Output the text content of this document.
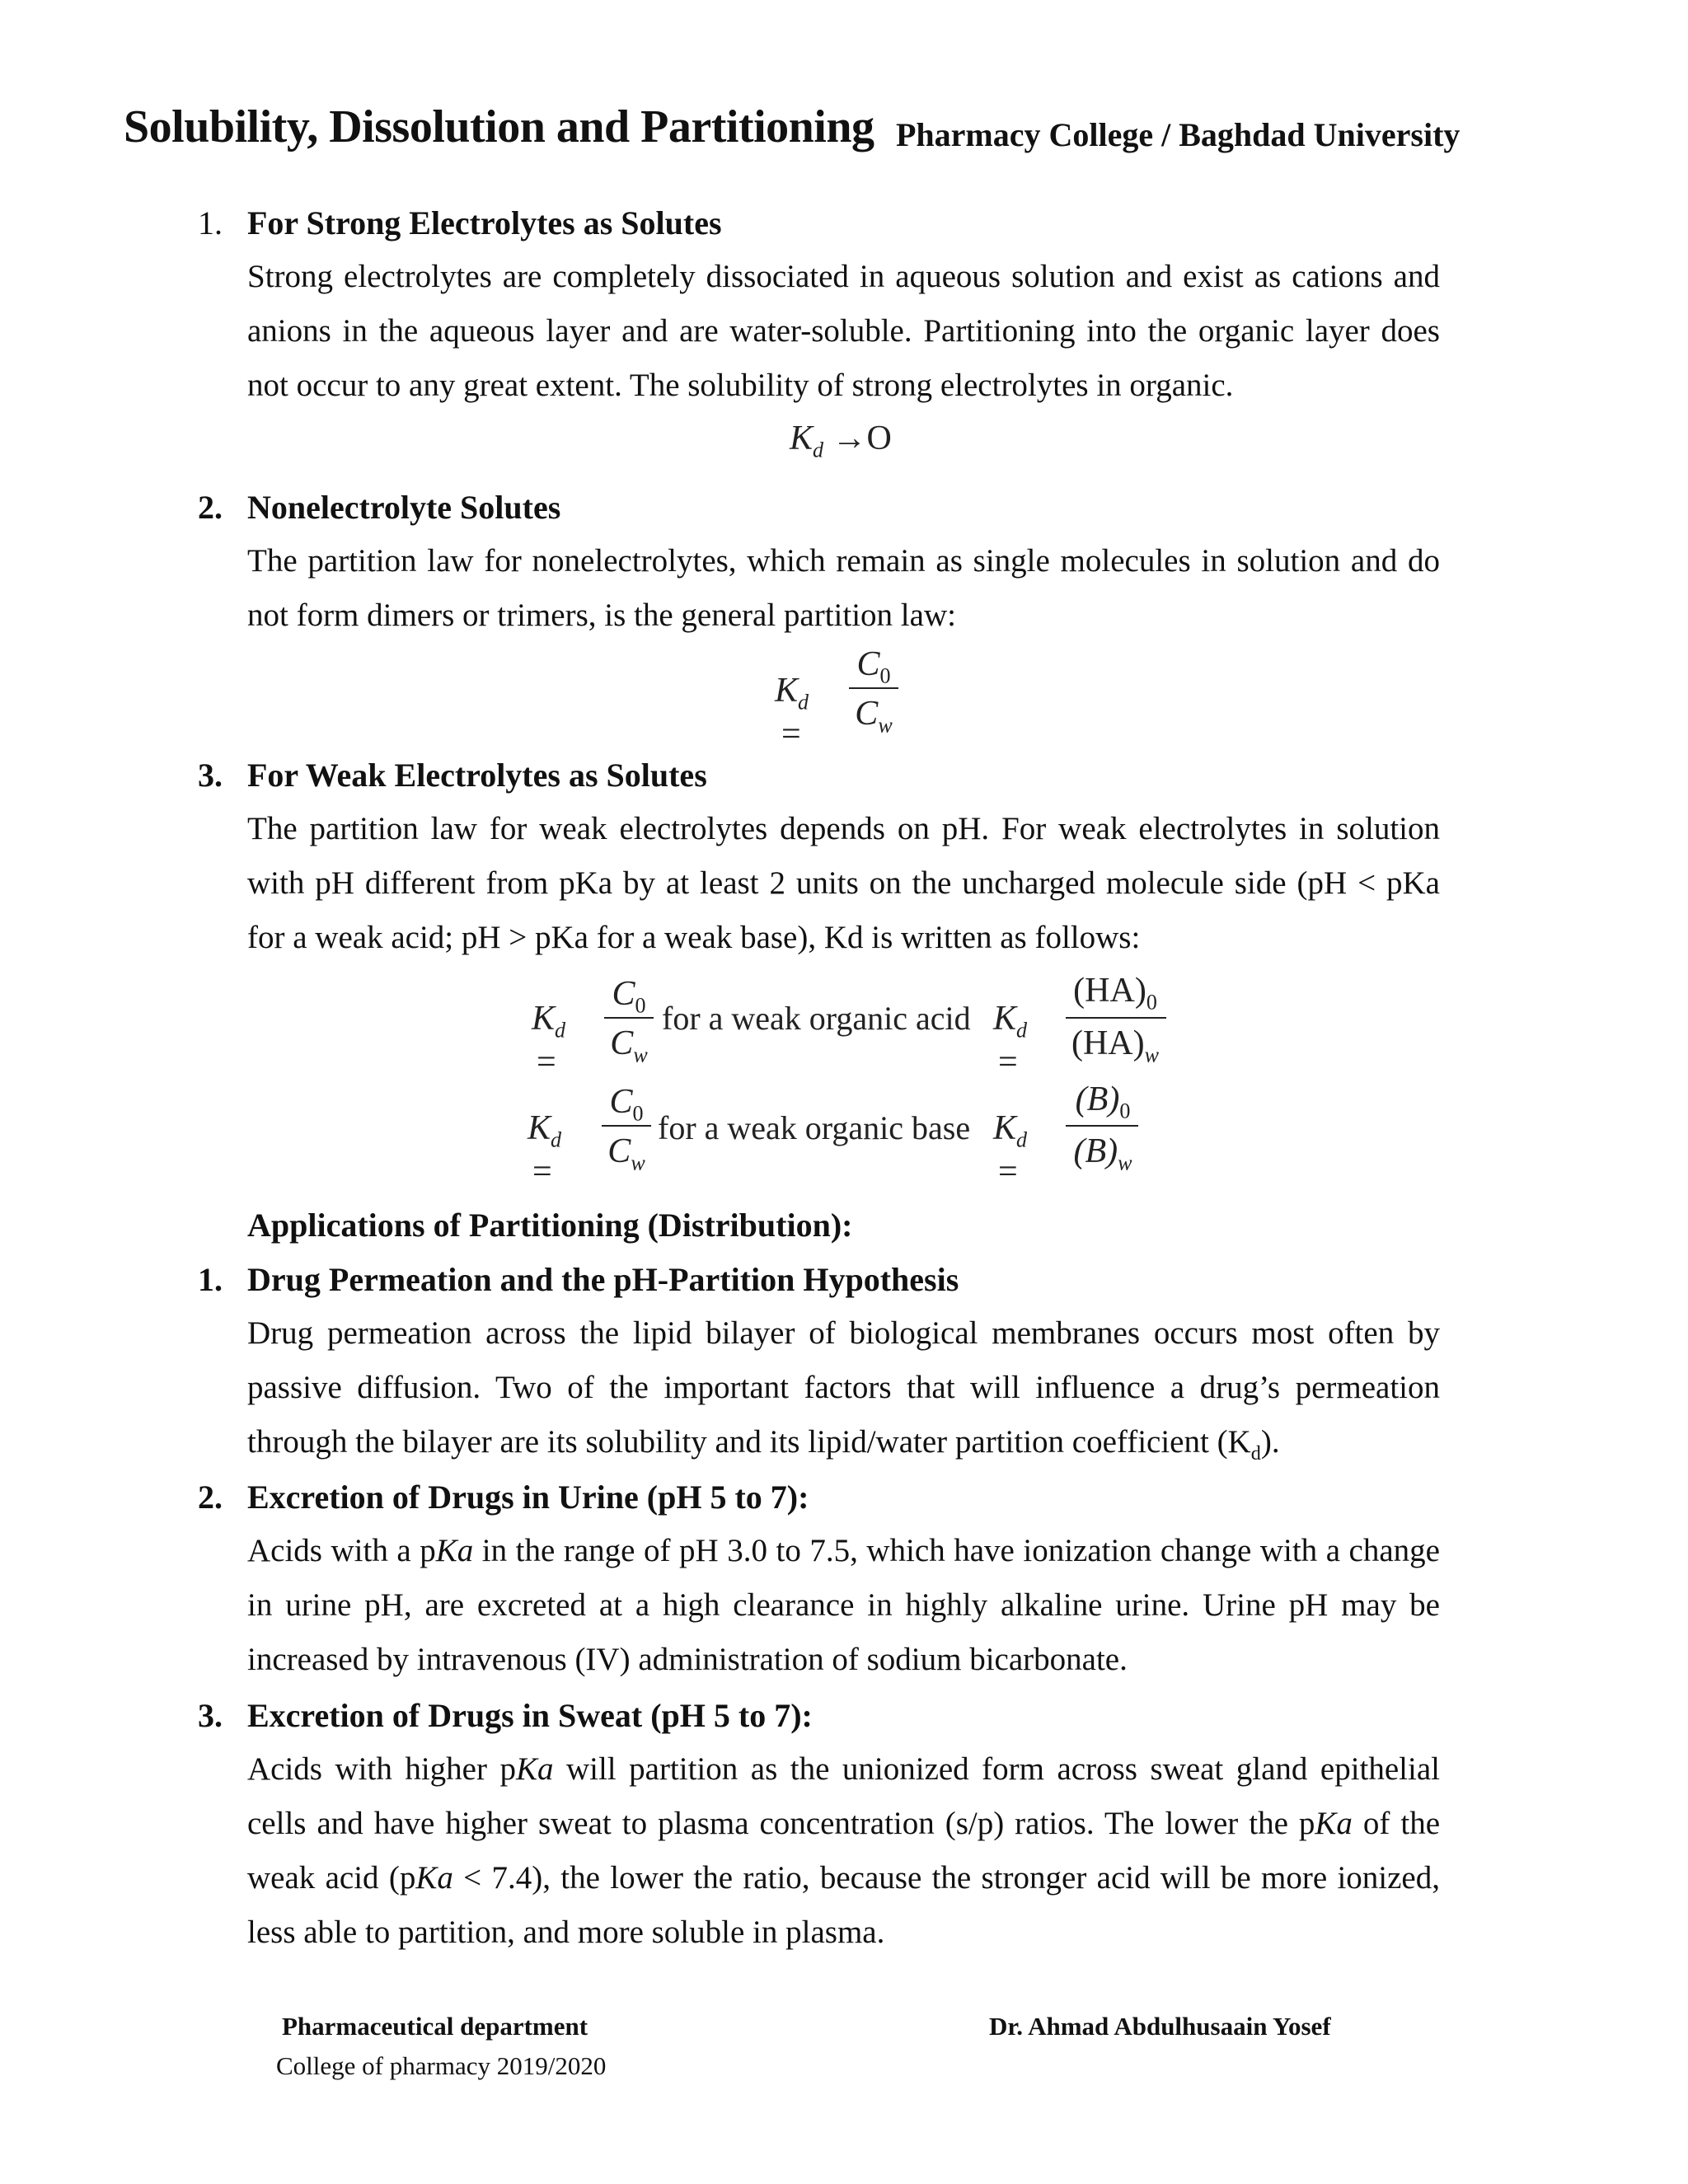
Solubility, Dissolution and Partitioning Pharmacy College / Baghdad University
1. For Strong Electrolytes as Solutes
Strong electrolytes are completely dissociated in aqueous solution and exist as cations and anions in the aqueous layer and are water-soluble. Partitioning into the organic layer does not occur to any great extent. The solubility of strong electrolytes in organic.
$K_d \to O$
2. Nonelectrolyte Solutes
The partition law for nonelectrolytes, which remain as single molecules in solution and do not form dimers or trimers, is the general partition law:
$K_d$ =
$C_0$
$C_w$
3. For Weak Electrolytes as Solutes
The partition law for weak electrolytes depends on pH. For weak electrolytes in solution with pH different from pKa by at least 2 units on the uncharged molecule side (pH < pKa for a weak acid; pH > pKa for a weak base), Kd is written as follows:
$K_d$ =
$C_0$
$C_w$
for a weak organic acid $K_d$ =
$(HA)_0$
$(HA)_w$
$K_d$ =
$C_0$
$C_w$
for a weak organic base $K_d$ =
$(B)_0$
$(B)_w$
Applications of Partitioning (Distribution):
1. Drug Permeation and the pH-Partition Hypothesis
Drug permeation across the lipid bilayer of biological membranes occurs most often by passive diffusion. Two of the important factors that will influence a drug’s permeation through the bilayer are its solubility and its lipid/water partition coefficient $(K_d)$.
2. Excretion of Drugs in Urine (pH 5 to 7):
Acids with a pKa in the range of pH 3.0 to 7.5, which have ionization change with a change in urine pH, are excreted at a high clearance in highly alkaline urine. Urine pH may be increased by intravenous (IV) administration of sodium bicarbonate.
3. Excretion of Drugs in Sweat (pH 5 to 7):
Acids with higher pKa will partition as the unionized form across sweat gland epithelial cells and have higher sweat to plasma concentration (s/p) ratios. The lower the pKa of the weak acid (pKa < 7.4), the lower the ratio, because the stronger acid will be more ionized, less able to partition, and more soluble in plasma.
Pharmaceutical department
College of pharmacy 2019/2020
Dr. Ahmad Abdulhusaain Yosef
